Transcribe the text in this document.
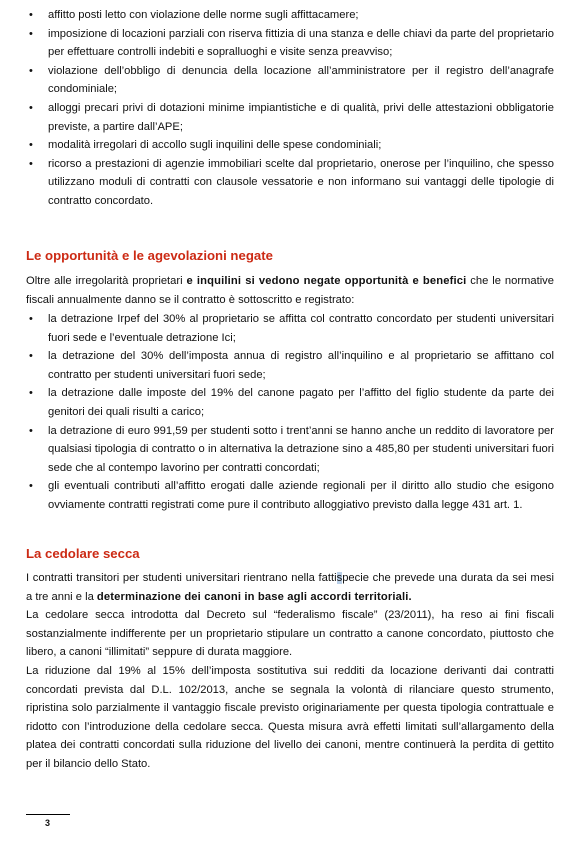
• affitto posti letto con violazione delle norme sugli affittacamere;
• imposizione di locazioni parziali con riserva fittizia di una stanza e delle chiavi da parte del proprietario per effettuare controlli indebiti e sopralluoghi e visite senza preavviso;
• violazione dell’obbligo di denuncia della locazione all’amministratore per il registro dell’anagrafe condominiale;
• alloggi precari privi di dotazioni minime impiantistiche e di qualità, privi delle attestazioni obbligatorie previste, a partire dall’APE;
• modalità irregolari di accollo sugli inquilini delle spese condominiali;
• ricorso a prestazioni di agenzie immobiliari scelte dal proprietario, onerose per l’inquilino, che spesso utilizzano moduli di contratti con clausole vessatorie e non informano sui vantaggi delle tipologie di contratto concordato.
Le opportunità e le agevolazioni negate

Oltre alle irregolarità proprietari e inquilini si vedono negate opportunità e benefici che le normative fiscali annualmente danno se il contratto è sottoscritto e registrato:

• la detrazione Irpef del 30% al proprietario se affitta col contratto concordato per studenti universitari fuori sede e l’eventuale detrazione Ici;
• la detrazione del 30% dell’imposta annua di registro all’inquilino e al proprietario se affittano col contratto per studenti universitari fuori sede;
• la detrazione dalle imposte del 19% del canone pagato per l’affitto del figlio studente da parte dei genitori dei quali risulti a carico;
• la detrazione di euro 991,59 per studenti sotto i trent’anni se hanno anche un reddito di lavoratore per qualsiasi tipologia di contratto o in alternativa la detrazione sino a 485,80 per studenti universitari fuori sede che al contempo lavorino per contratti concordati;
• gli eventuali contributi all’affitto erogati dalle aziende regionali per il diritto allo studio che esigono ovviamente contratti registrati come pure il contributo alloggiativo previsto dalla legge 431 art. 1.
La cedolare secca

I contratti transitori per studenti universitari rientrano nella fattispecie che prevede una durata da sei mesi a tre anni e la determinazione dei canoni in base agli accordi territoriali.

La cedolare secca introdotta dal Decreto sul “federalismo fiscale” (23/2011), ha reso ai fini fiscali sostanzialmente indifferente per un proprietario stipulare un contratto a canone concordato, piuttosto che libero, a canoni “illimitati” seppure di durata maggiore.

La riduzione dal 19% al 15% dell’imposta sostitutiva sui redditi da locazione derivanti dai contratti concordati prevista dal D.L. 102/2013, anche se segnala la volontà di rilanciare questo strumento, ripristina solo parzialmente il vantaggio fiscale previsto originariamente per questa tipologia contrattuale e ridotto con l’introduzione della cedolare secca. Questa misura avrà effetti limitati sull’allargamento della platea dei contratti concordati sulla riduzione del livello dei canoni, mentre continuerà la perdita di gettito per il bilancio dello Stato.

3
